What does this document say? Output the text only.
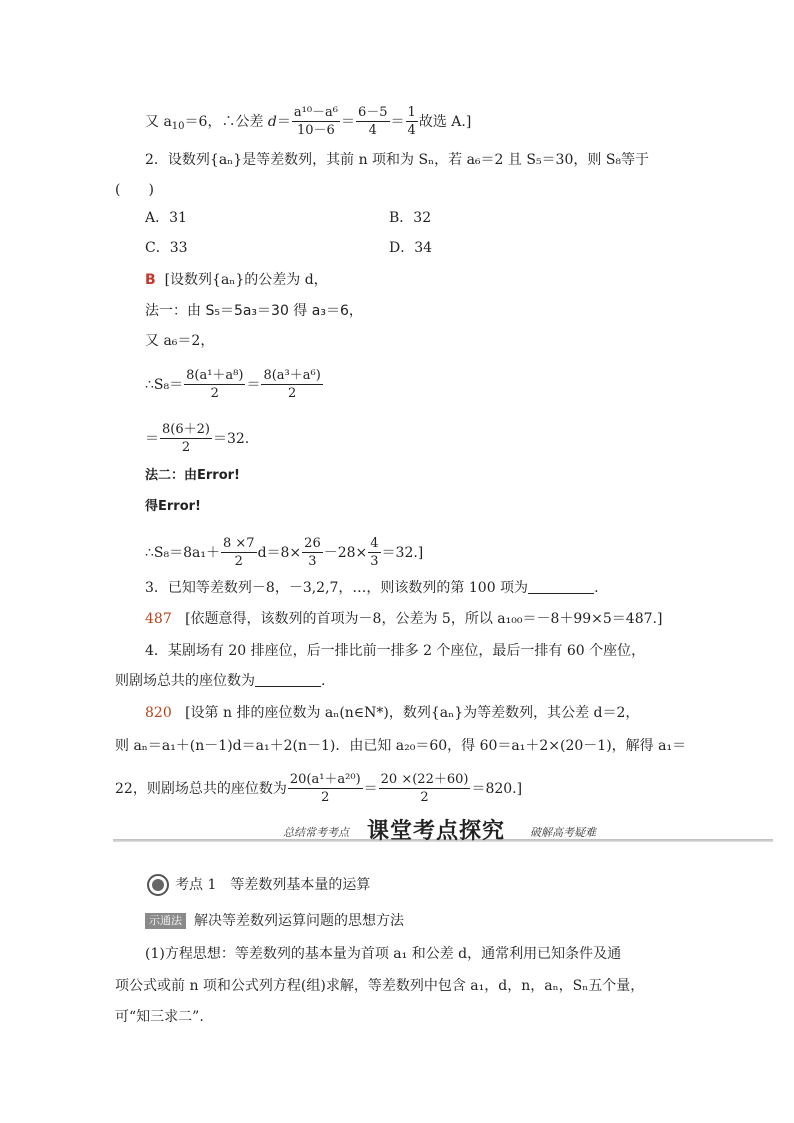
又 $a_{10}=6$，∴公差 $d= \frac{\text{a¹⁰－a⁶}}{10-6} = \frac{6-5}{4} = \frac{1}{4}$ 故选 A.]
2．设数列{aₙ}是等差数列，其前 n 项和为 Sₙ，若 a₆＝2 且 S₅＝30，则 S₈等于
(　　)
A．31	B．32
C．33	D．34
B [设数列{aₙ}的公差为 d，
法一：由 S₅＝5a₃＝30 得 a₃＝6，
又 a₆＝2，
∴S₈＝ $\frac{\text{8(a¹＋a⁸)}}{2} = \frac{\text{8(a³＋a⁶)}}{2}$
＝ $\frac{8(6+2)}{2} =32$.
法二：由Error!
得Error!
∴S₈＝8a₁＋ $\frac{8 \times 7}{2} d=8\times \frac{26}{3} -28\times \frac{4}{3} =32$.]
3．已知等差数列－8，－3,2,7，…，则该数列的第 100 项为	.
487 [依题意得，该数列的首项为－8，公差为 5，所以 a₁₀₀＝－8＋99×5＝487.]
4．某剧场有 20 排座位，后一排比前一排多 2 个座位，最后一排有 60 个座位，
则剧场总共的座位数为	.
820 [设第 n 排的座位数为 aₙ(n∈N*)，数列{aₙ}为等差数列，其公差 d＝2，
则 aₙ＝a₁＋(n－1)d＝a₁＋2(n－1)．由已知 a₂₀＝60，得 60＝a₁＋2×(20－1)，解得 a₁＝
22，则剧场总共的座位数为 $\frac{\text{20(a¹＋a²⁰)}}{2} = \frac{20 \times(22+60)}{2} =820$.]
总结常考考点 课堂考点探究 破解高考疑难
考点 1　等差数列基本量的运算
示通法 解决等差数列运算问题的思想方法
(1)方程思想：等差数列的基本量为首项 a₁ 和公差 d，通常利用已知条件及通
项公式或前 n 项和公式列方程(组)求解，等差数列中包含 a₁，d，n，aₙ，Sₙ五个量，
可“知三求二”.
